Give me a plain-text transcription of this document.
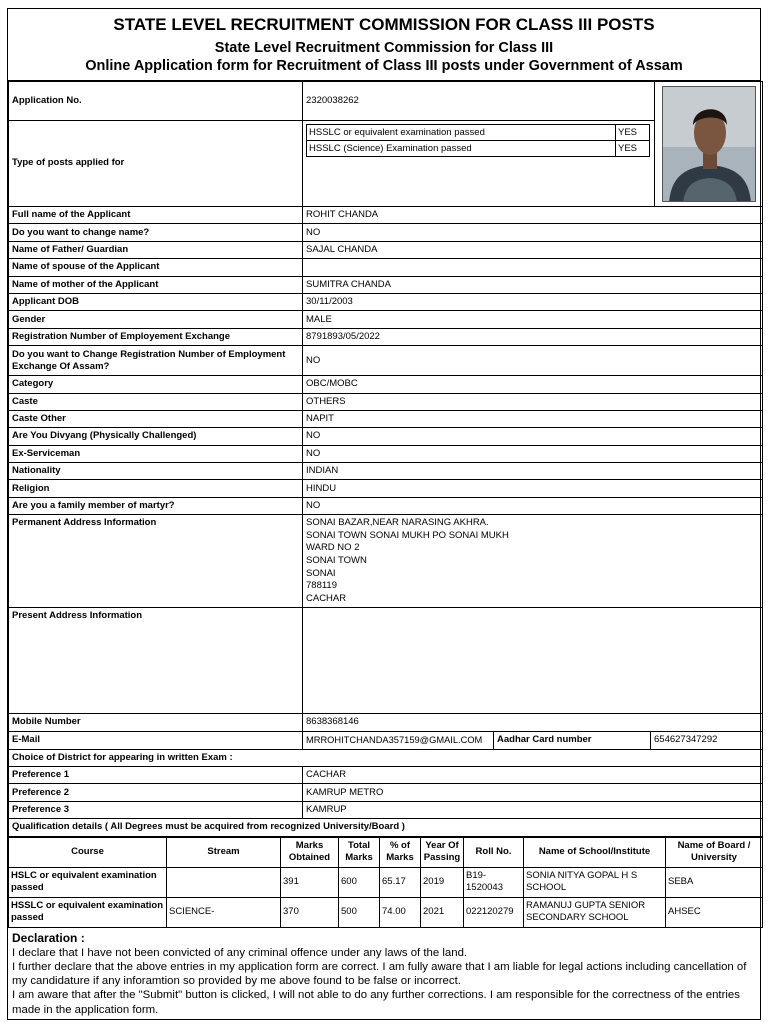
STATE LEVEL RECRUITMENT COMMISSION FOR CLASS III POSTS
State Level Recruitment Commission for Class III
Online Application form for Recruitment of Class III posts under Government of Assam
Application No.	2320038262	

Type of posts applied for	
HSSLC or equivalent examination passed	YES
HSSLC (Science) Examination passed	YES

Full name of the Applicant	ROHIT CHANDA
Do you want to change name?	NO
Name of Father/ Guardian	SAJAL CHANDA
Name of spouse of the Applicant	
Name of mother of the Applicant	SUMITRA CHANDA
Applicant DOB	30/11/2003
Gender	MALE
Registration Number of Employement Exchange	8791893/05/2022
Do you want to Change Registration Number of Employment Exchange Of Assam?	NO
Category	OBC/MOBC
Caste	OTHERS
Caste Other	NAPIT
Are You Divyang (Physically Challenged)	NO
Ex-Serviceman	NO
Nationality	INDIAN
Religion	HINDU
Are you a family member of martyr?	NO
Permanent Address Information	SONAI BAZAR,NEAR NARASING AKHRA.
SONAI TOWN SONAI MUKH PO SONAI MUKH
WARD NO 2
SONAI TOWN
SONAI
788119
CACHAR

Present Address Information	
Mobile Number	8638368146
E-Mail	MRROHITCHANDA357159@GMAIL.COM	Aadhar Card number	654627347292

Choice of District for appearing in written Exam :
Preference 1	CACHAR
Preference 2	KAMRUP METRO
Preference 3	KAMRUP
Qualification details ( All Degrees must be acquired from recognized University/Board )
Course	Stream	Marks Obtained	Total Marks	% of Marks	Year Of Passing	Roll No.	Name of School/Institute	Name of Board / University
HSLC or equivalent examination passed		391	600	65.17	2019	B19-1520043	SONIA NITYA GOPAL H S SCHOOL	SEBA
HSSLC or equivalent examination passed	SCIENCE-	370	500	74.00	2021	022120279	RAMANUJ GUPTA SENIOR SECONDARY SCHOOL	AHSEC
Declaration :
I declare that I have not been convicted of any criminal offence under any laws of the land.
I further declare that the above entries in my application form are correct. I am fully aware that I am liable for legal actions including cancellation of my candidature if any inforamtion so provided by me above found to be false or incorrect.
I am aware that after the "Submit" button is clicked, I will not able to do any further corrections. I am responsible for the correctness of the entries made in the application form.
